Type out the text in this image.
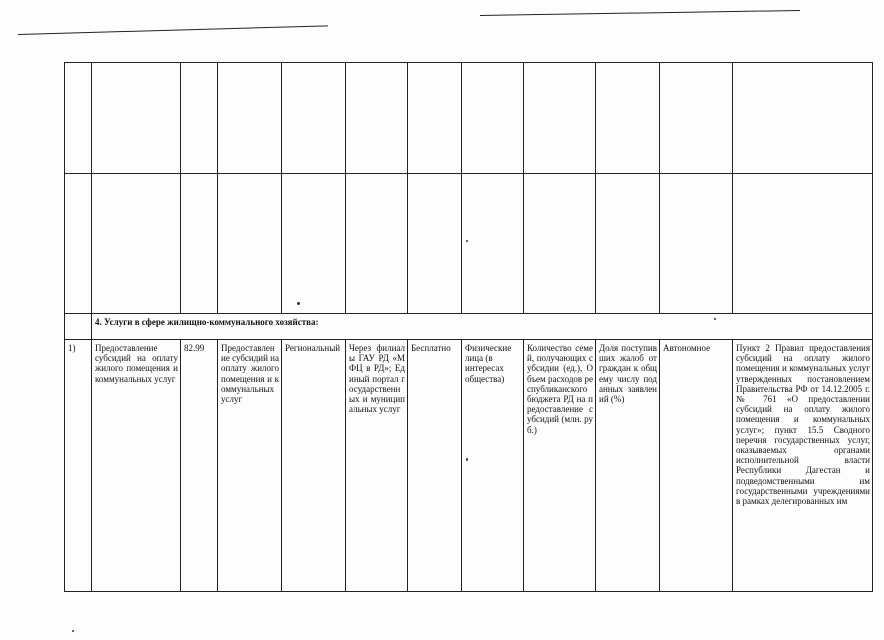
	4. Услуги в сфере жилищно-коммунального хозяйства:										
1)	Предоставление субсидий на оплату жилого помещения и коммунальных услуг	82.99	Предоставление субсидий на оплату жилого помещения и коммунальных услуг	Региональный	Через филиалы ГАУ РД «МФЦ в РД»; Единый портал государственных и муниципальных услуг	Бесплатно	Физические лица (в интересах общества)	Количество семей, получающих субсидии (ед.), Объем расходов республиканского бюджета РД на предоставление субсидий (млн. руб.)	Доля поступивших жалоб от граждан к общему числу поданных заявлений (%)	Автономное	Пункт 2 Правил предоставления субсидий на оплату жилого помещения и коммунальных услуг утвержденных постановлением Правительства РФ от 14.12.2005 г. № 761 «О предоставлении субсидий на оплату жилого помещения и коммунальных услуг»; пункт 15.5 Сводного перечня государственных услуг, оказываемых органами исполнительной власти Республики Дагестан и подведомственными им государственными учреждениями в рамках делегированных им
